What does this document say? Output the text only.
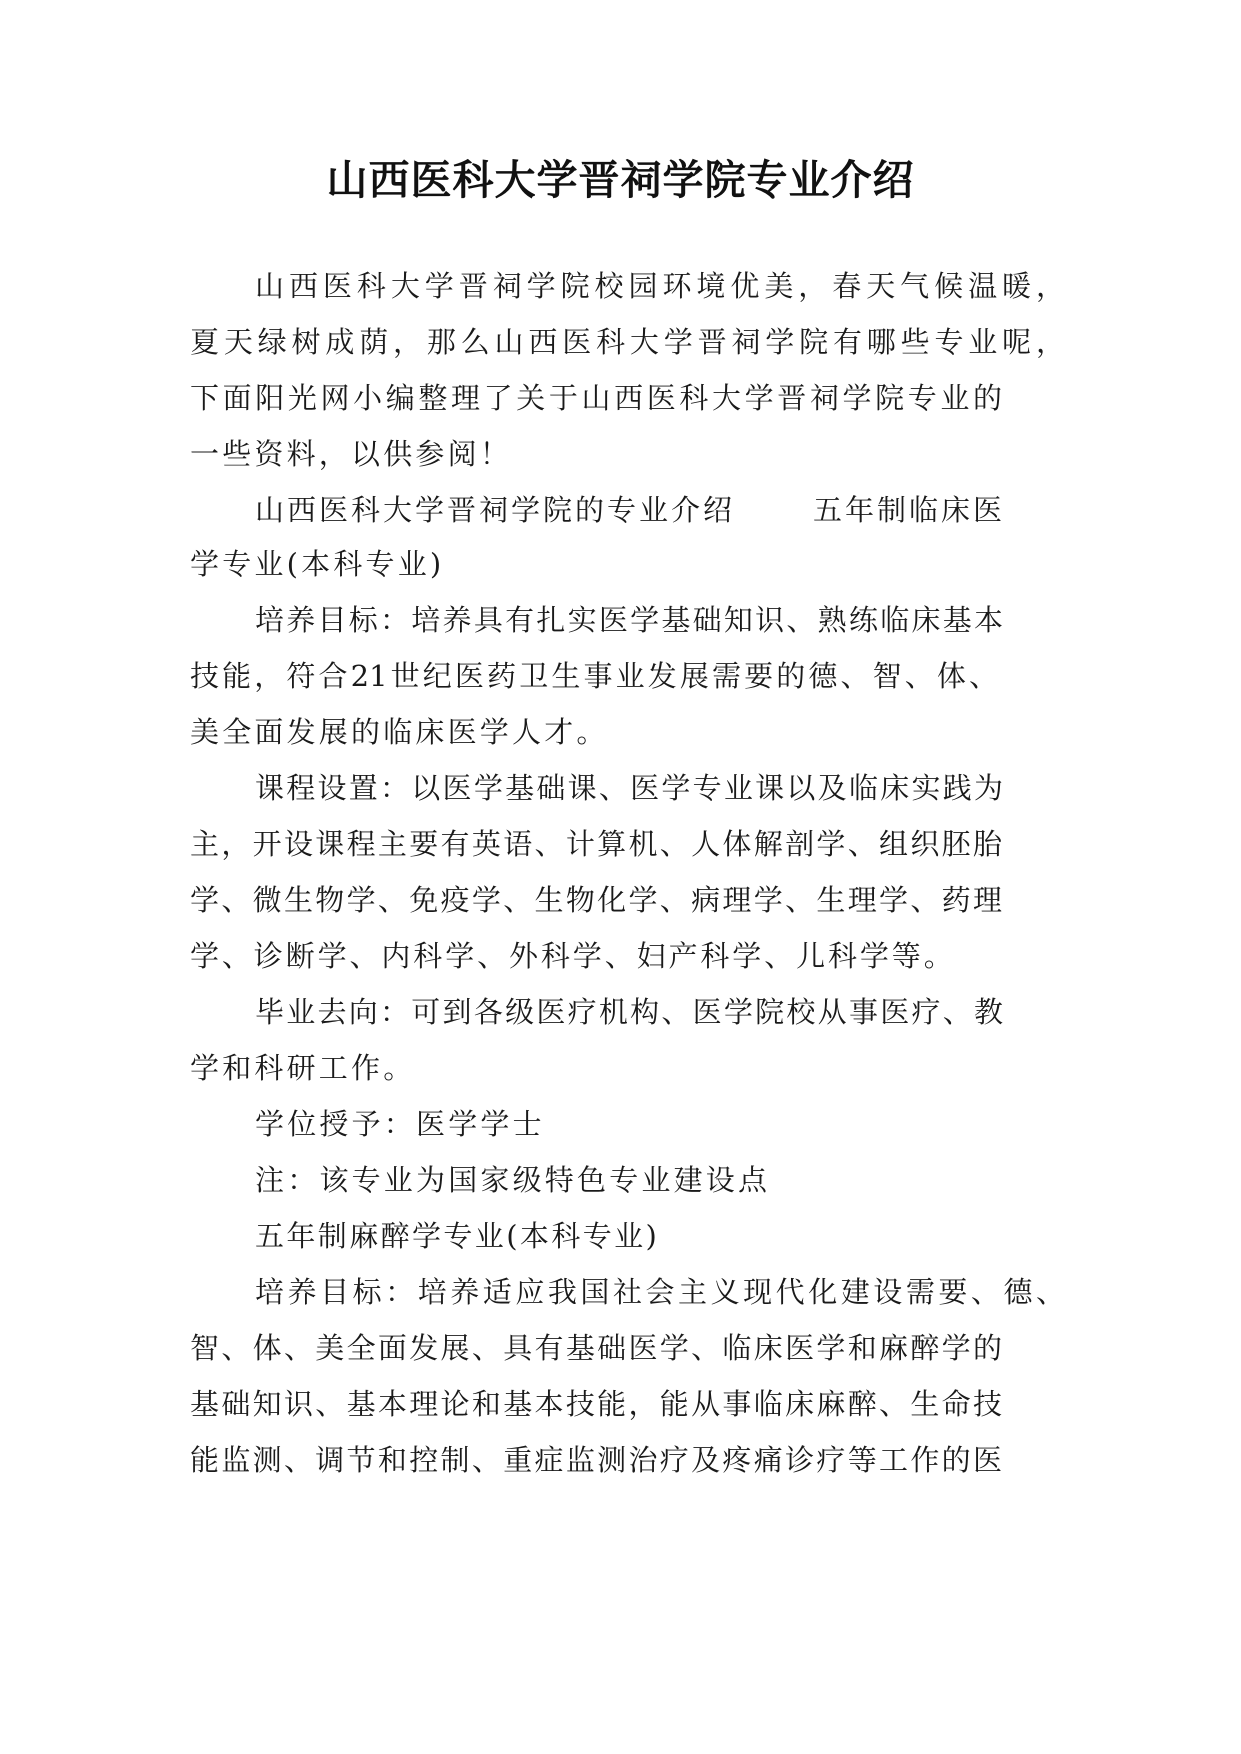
山西医科大学晋祠学院专业介绍

山西医科大学晋祠学院校园环境优美，春天气候温暖，

夏天绿树成荫，那么山西医科大学晋祠学院有哪些专业呢，

下面阳光网小编整理了关于山西医科大学晋祠学院专业的

一些资料，以供参阅！

山西医科大学晋祠学院的专业介绍	五年制临床医

学专业(本科专业)

培养目标：培养具有扎实医学基础知识、熟练临床基本

技能，符合21世纪医药卫生事业发展需要的德、智、体、

美全面发展的临床医学人才。

课程设置：以医学基础课、医学专业课以及临床实践为

主，开设课程主要有英语、计算机、人体解剖学、组织胚胎

学、微生物学、免疫学、生物化学、病理学、生理学、药理

学、诊断学、内科学、外科学、妇产科学、儿科学等。

毕业去向：可到各级医疗机构、医学院校从事医疗、教

学和科研工作。

学位授予：医学学士

注：该专业为国家级特色专业建设点

五年制麻醉学专业(本科专业)

培养目标：培养适应我国社会主义现代化建设需要、德、

智、体、美全面发展、具有基础医学、临床医学和麻醉学的

基础知识、基本理论和基本技能，能从事临床麻醉、生命技

能监测、调节和控制、重症监测治疗及疼痛诊疗等工作的医
